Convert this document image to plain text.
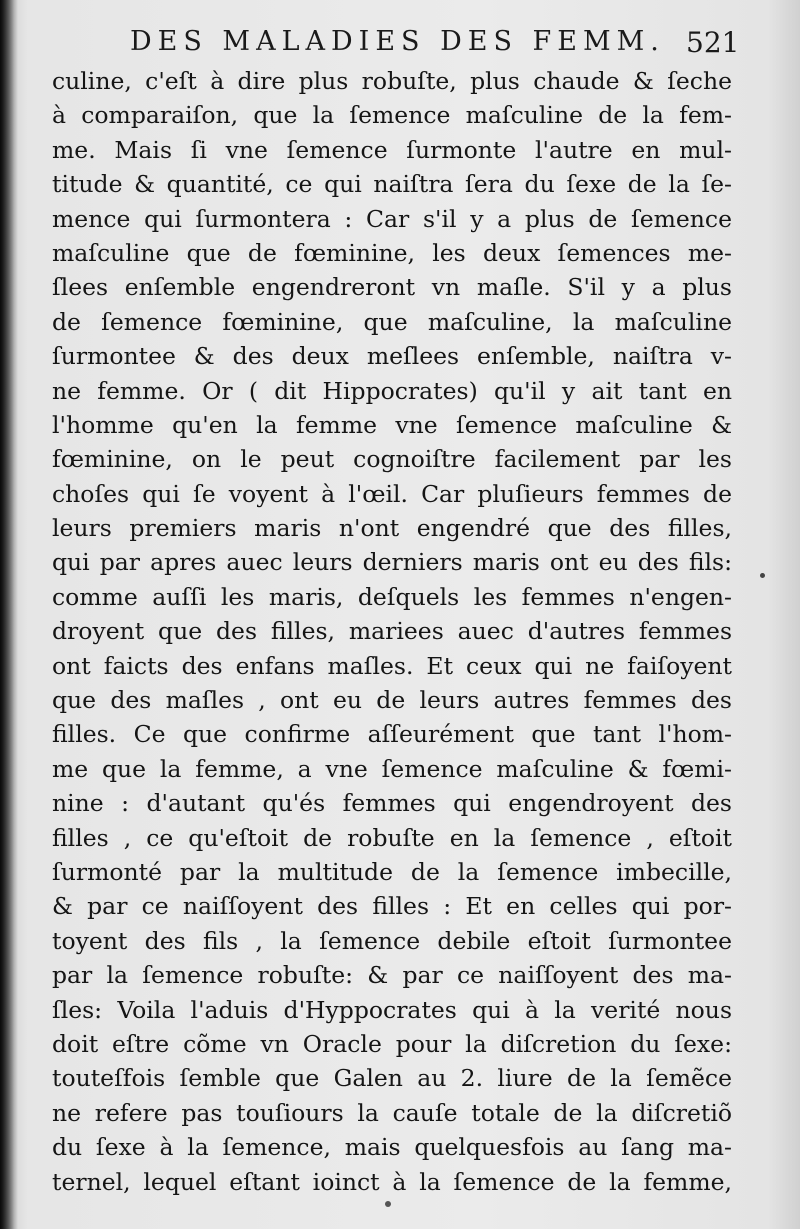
DES MALADIES DES FEMM. 521
culine, c'eſt à dire plus robuſte, plus chaude & ſeche
à comparaiſon, que la ſemence maſculine de la fem-
me. Mais ſi vne ſemence ſurmonte l'autre en mul-
titude & quantité, ce qui naiſtra ſera du ſexe de la ſe-
mence qui ſurmontera : Car s'il y a plus de ſemence
maſculine que de fœminine, les deux ſemences me-
ſlees enſemble engendreront vn maſle. S'il y a plus
de ſemence fœminine, que maſculine, la maſculine
ſurmontee & des deux meſlees enſemble, naiſtra v-
ne femme. Or ( dit Hippocrates) qu'il y ait tant en
l'homme qu'en la femme vne ſemence maſculine &
fœminine, on le peut cognoiſtre facilement par les
choſes qui ſe voyent à l'œil. Car pluſieurs femmes de
leurs premiers maris n'ont engendré que des filles,
qui par apres auec leurs derniers maris ont eu des fils:
comme auſſi les maris, deſquels les femmes n'engen-
droyent que des filles, mariees auec d'autres femmes
ont faicts des enfans maſles. Et ceux qui ne faiſoyent
que des maſles , ont eu de leurs autres femmes des
filles. Ce que confirme aſſeurément que tant l'hom-
me que la femme, a vne ſemence maſculine & fœmi-
nine : d'autant qu'és femmes qui engendroyent des
filles , ce qu'eſtoit de robuſte en la ſemence , eſtoit
ſurmonté par la multitude de la ſemence imbecille,
& par ce naiſſoyent des filles : Et en celles qui por-
toyent des fils , la ſemence debile eſtoit ſurmontee
par la ſemence robuſte: & par ce naiſſoyent des ma-
ſles: Voila l'aduis d'Hyppocrates qui à la verité nous
doit eſtre cõme vn Oracle pour la diſcretion du ſexe:
touteſfois ſemble que Galen au 2. liure de la ſemẽce
ne refere pas touſiours la cauſe totale de la diſcretiõ
du ſexe à la ſemence, mais quelquesfois au ſang ma-
ternel, lequel eſtant ioinct à la ſemence de la femme,
